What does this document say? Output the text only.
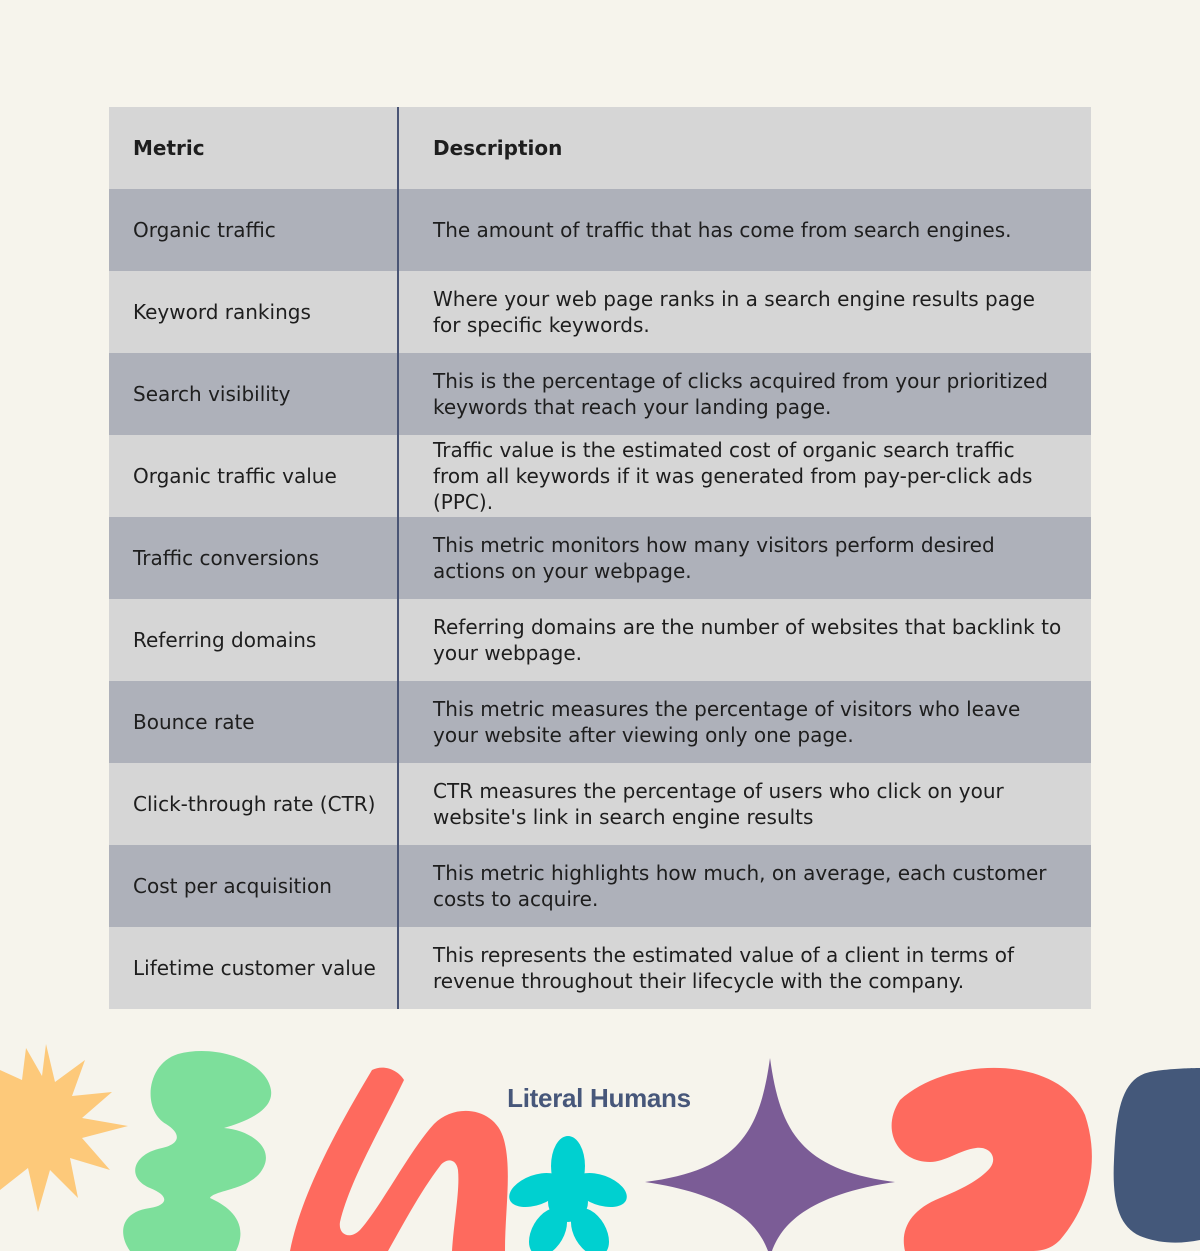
Metric	Description
Organic traffic	The amount of traffic that has come from search engines.
Keyword rankings
Where your web page ranks in a search engine results page for specific keywords.
Search visibility
This is the percentage of clicks acquired from your prioritized keywords that reach your landing page.
Organic traffic value
Traffic value is the estimated cost of organic search traffic from all keywords if it was generated from pay-per-click ads (PPC).
Traffic conversions
This metric monitors how many visitors perform desired actions on your webpage.
Referring domains
Referring domains are the number of websites that backlink to your webpage.
Bounce rate
This metric measures the percentage of visitors who leave your website after viewing only one page.
Click-through rate (CTR)
CTR measures the percentage of users who click on your website's link in search engine results
Cost per acquisition
This metric highlights how much, on average, each customer costs to acquire.
Lifetime customer value
This represents the estimated value of a client in terms of revenue throughout their lifecycle with the company.
Literal Humans
